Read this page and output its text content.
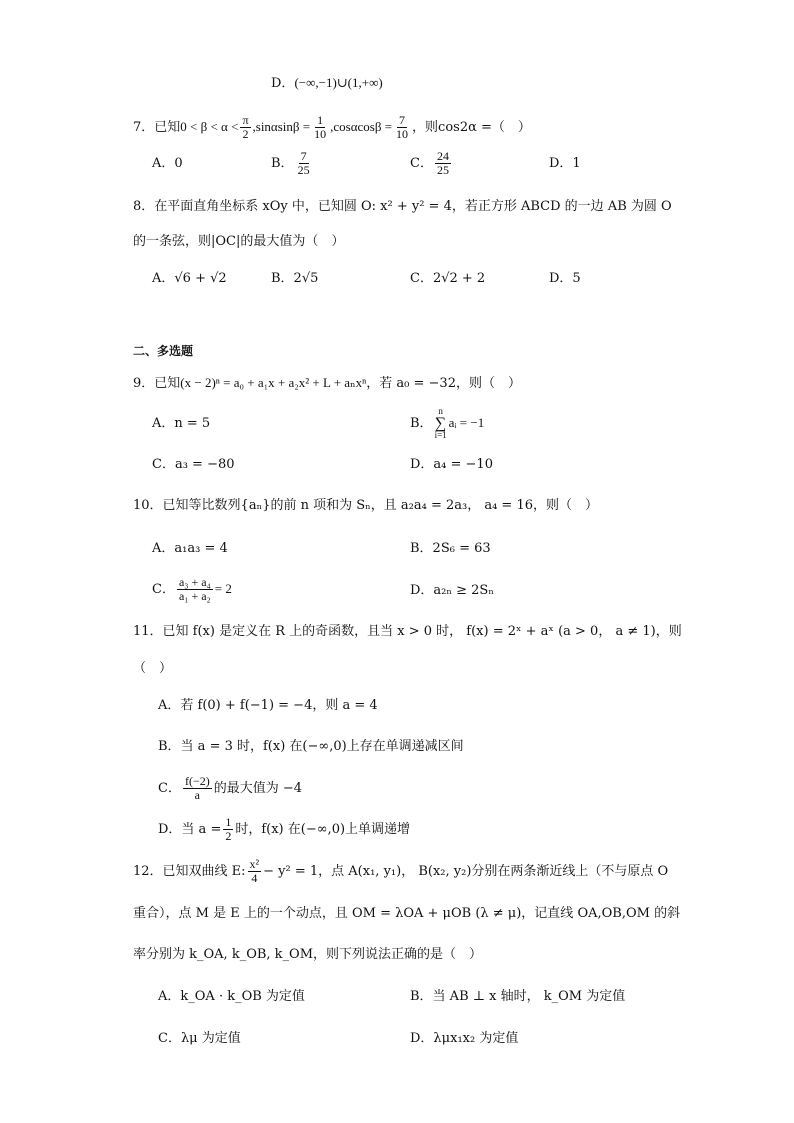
D．(−∞,−1)∪(1,+∞)
7．已知$0 < \beta < \alpha < \frac{\pi}{2} ,\sin\alpha\sin\beta = \frac{1}{10} ,\cos\alpha\cos\beta = \frac{7}{10}$ ，则cos2α =（　）
A．0	B． $\frac{7}{25}$	C． $\frac{24}{25}$	D．1
8．在平面直角坐标系 xOy 中，已知圆 O: x² + y² = 4，若正方形 ABCD 的一边 AB 为圆 O
的一条弦，则|OC|的最大值为（　）
A．√6 + √2	B．2√5	C．2√2 + 2	D．5
二、多选题
9．已知(x − 2)ⁿ = a₀ + a₁x + a₂x² + L + aₙxⁿ，若 a₀ = −32，则（　）
A．n = 5	B．
n
∑
i=1
aᵢ = −1
C．a₃ = −80	D．a₄ = −10
10．已知等比数列{aₙ}的前 n 项和为 Sₙ，且 a₂a₄ = 2a₃， a₄ = 16，则（　）
A．a₁a₃ = 4	B．2S₆ = 63
C． $\frac{\text{a₃ + a₄}}{\text{a₁ + a₂}} = 2$	D．a₂ₙ ≥ 2Sₙ
11．已知 f(x) 是定义在 R 上的奇函数，且当 x > 0 时， f(x) = 2ˣ + aˣ (a > 0， a ≠ 1)，则
（　）
A．若 f(0) + f(−1) = −4，则 a = 4
B．当 a = 3 时，f(x) 在(−∞,0)上存在单调递减区间
C． $\frac{f(-2)}{a}$ 的最大值为 −4
D．当 $a = \frac{1}{2}$ 时，f(x) 在(−∞,0)上单调递增
12．已知双曲线 E: $\frac{\text{x²}}{4} - y^2 = 1$，点 A(x₁, y₁)， B(x₂, y₂)分别在两条渐近线上（不与原点 O
重合），点 M 是 E 上的一个动点，且 OM = λOA + μOB (λ ≠ μ)，记直线 OA,OB,OM 的斜
率分别为 k_OA, k_OB, k_OM，则下列说法正确的是（　）
A．k_OA · k_OB 为定值	B．当 AB ⊥ x 轴时， k_OM 为定值
C．λμ 为定值	D．λμx₁x₂ 为定值
